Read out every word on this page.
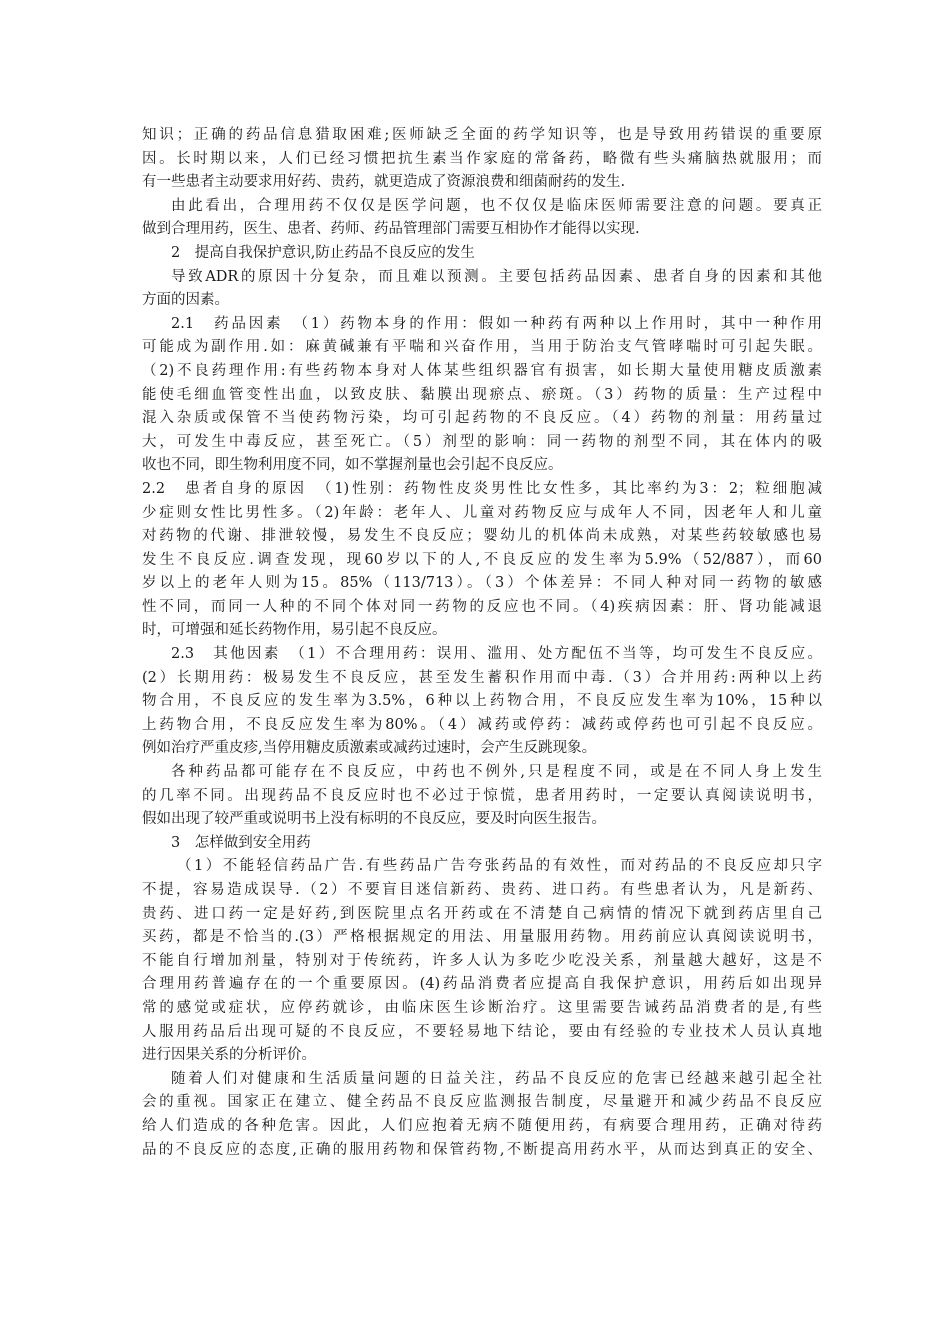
知识；正确的药品信息猎取困难;医师缺乏全面的药学知识等，也是导致用药错误的重要原
因。长时期以来，人们已经习惯把抗生素当作家庭的常备药，略微有些头痛脑热就服用；而
有一些患者主动要求用好药、贵药，就更造成了资源浪费和细菌耐药的发生.
由此看出，合理用药不仅仅是医学问题，也不仅仅是临床医师需要注意的问题。要真正
做到合理用药，医生、患者、药师、药品管理部门需要互相协作才能得以实现.
2　提高自我保护意识,防止药品不良反应的发生
导致ADR的原因十分复杂，而且难以预测。主要包括药品因素、患者自身的因素和其他
方面的因素。
2.1　药品因素　（1）药物本身的作用：假如一种药有两种以上作用时，其中一种作用
可能成为副作用.如：麻黄碱兼有平喘和兴奋作用，当用于防治支气管哮喘时可引起失眠。
（2)不良药理作用:有些药物本身对人体某些组织器官有损害，如长期大量使用糖皮质激素
能使毛细血管变性出血，以致皮肤、黏膜出现瘀点、瘀斑。（3）药物的质量：生产过程中
混入杂质或保管不当使药物污染，均可引起药物的不良反应。（4）药物的剂量：用药量过
大，可发生中毒反应，甚至死亡。（5）剂型的影响：同一药物的剂型不同，其在体内的吸
收也不同，即生物利用度不同，如不掌握剂量也会引起不良反应。
2.2　患者自身的原因　（1)性别：药物性皮炎男性比女性多，其比率约为3：2；粒细胞减
少症则女性比男性多。（2)年龄：老年人、儿童对药物反应与成年人不同，因老年人和儿童
对药物的代谢、排泄较慢，易发生不良反应；婴幼儿的机体尚未成熟，对某些药较敏感也易
发生不良反应.调查发现，现60岁以下的人,不良反应的发生率为5.9%（52/887），而60
岁以上的老年人则为15。85%（113/713）。（3）个体差异：不同人种对同一药物的敏感
性不同，而同一人种的不同个体对同一药物的反应也不同。（4)疾病因素：肝、肾功能减退
时，可增强和延长药物作用，易引起不良反应。
2.3　其他因素　（1）不合理用药：误用、滥用、处方配伍不当等，均可发生不良反应。
(2）长期用药：极易发生不良反应，甚至发生蓄积作用而中毒.（3）合并用药:两种以上药
物合用，不良反应的发生率为3.5%，6种以上药物合用，不良反应发生率为10%，15种以
上药物合用，不良反应发生率为80%。（4）减药或停药：减药或停药也可引起不良反应。
例如治疗严重皮疹,当停用糖皮质激素或减药过速时，会产生反跳现象。
各种药品都可能存在不良反应，中药也不例外,只是程度不同，或是在不同人身上发生
的几率不同。出现药品不良反应时也不必过于惊慌，患者用药时，一定要认真阅读说明书，
假如出现了较严重或说明书上没有标明的不良反应，要及时向医生报告。
3　怎样做到安全用药
（1）不能轻信药品广告.有些药品广告夸张药品的有效性，而对药品的不良反应却只字
不提，容易造成误导.（2）不要盲目迷信新药、贵药、进口药。有些患者认为，凡是新药、
贵药、进口药一定是好药,到医院里点名开药或在不清楚自己病情的情况下就到药店里自己
买药，都是不恰当的.(3）严格根据规定的用法、用量服用药物。用药前应认真阅读说明书，
不能自行增加剂量，特别对于传统药，许多人认为多吃少吃没关系，剂量越大越好，这是不
合理用药普遍存在的一个重要原因。(4)药品消费者应提高自我保护意识，用药后如出现异
常的感觉或症状，应停药就诊，由临床医生诊断治疗。这里需要告诫药品消费者的是,有些
人服用药品后出现可疑的不良反应，不要轻易地下结论，要由有经验的专业技术人员认真地
进行因果关系的分析评价。
随着人们对健康和生活质量问题的日益关注，药品不良反应的危害已经越来越引起全社
会的重视。国家正在建立、健全药品不良反应监测报告制度，尽量避开和减少药品不良反应
给人们造成的各种危害。因此，人们应抱着无病不随便用药，有病要合理用药，正确对待药
品的不良反应的态度,正确的服用药物和保管药物,不断提高用药水平，从而达到真正的安全、
